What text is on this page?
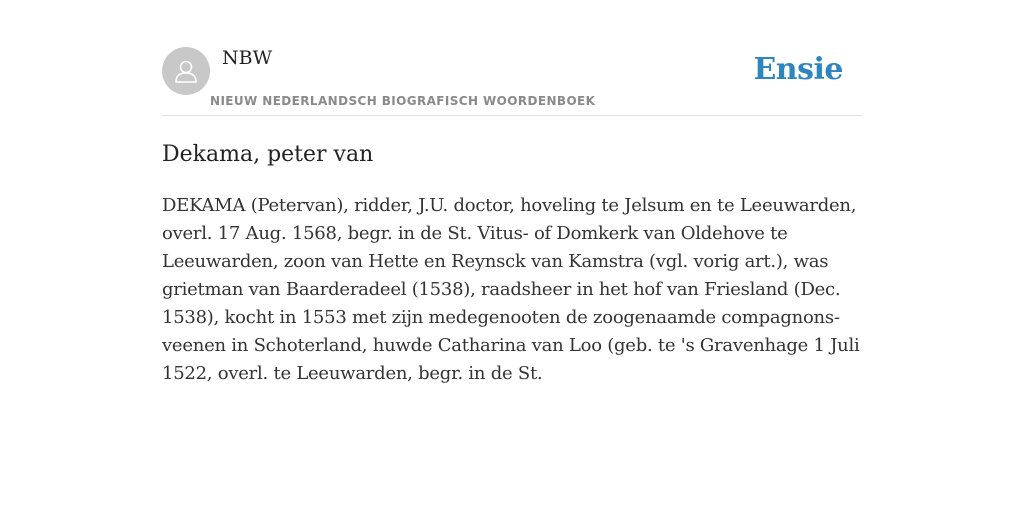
NBW
NIEUW NEDERLANDSCH BIOGRAFISCH WOORDENBOEK
Ensie
Dekama, peter van

DEKAMA (Petervan), ridder, J.U. doctor, hoveling te Jelsum en te Leeuwarden, overl. 17 Aug. 1568, begr. in de St. Vitus- of Domkerk van Oldehove te Leeuwarden, zoon van Hette en Reynsck van Kamstra (vgl. vorig art.), was grietman van Baarderadeel (1538), raadsheer in het hof van Friesland (Dec. 1538), kocht in 1553 met zijn medegenooten de zoogenaamde compagnons-veenen in Schoterland, huwde Catharina van Loo (geb. te 's Gravenhage 1 Juli 1522, overl. te Leeuwarden, begr. in de St.
